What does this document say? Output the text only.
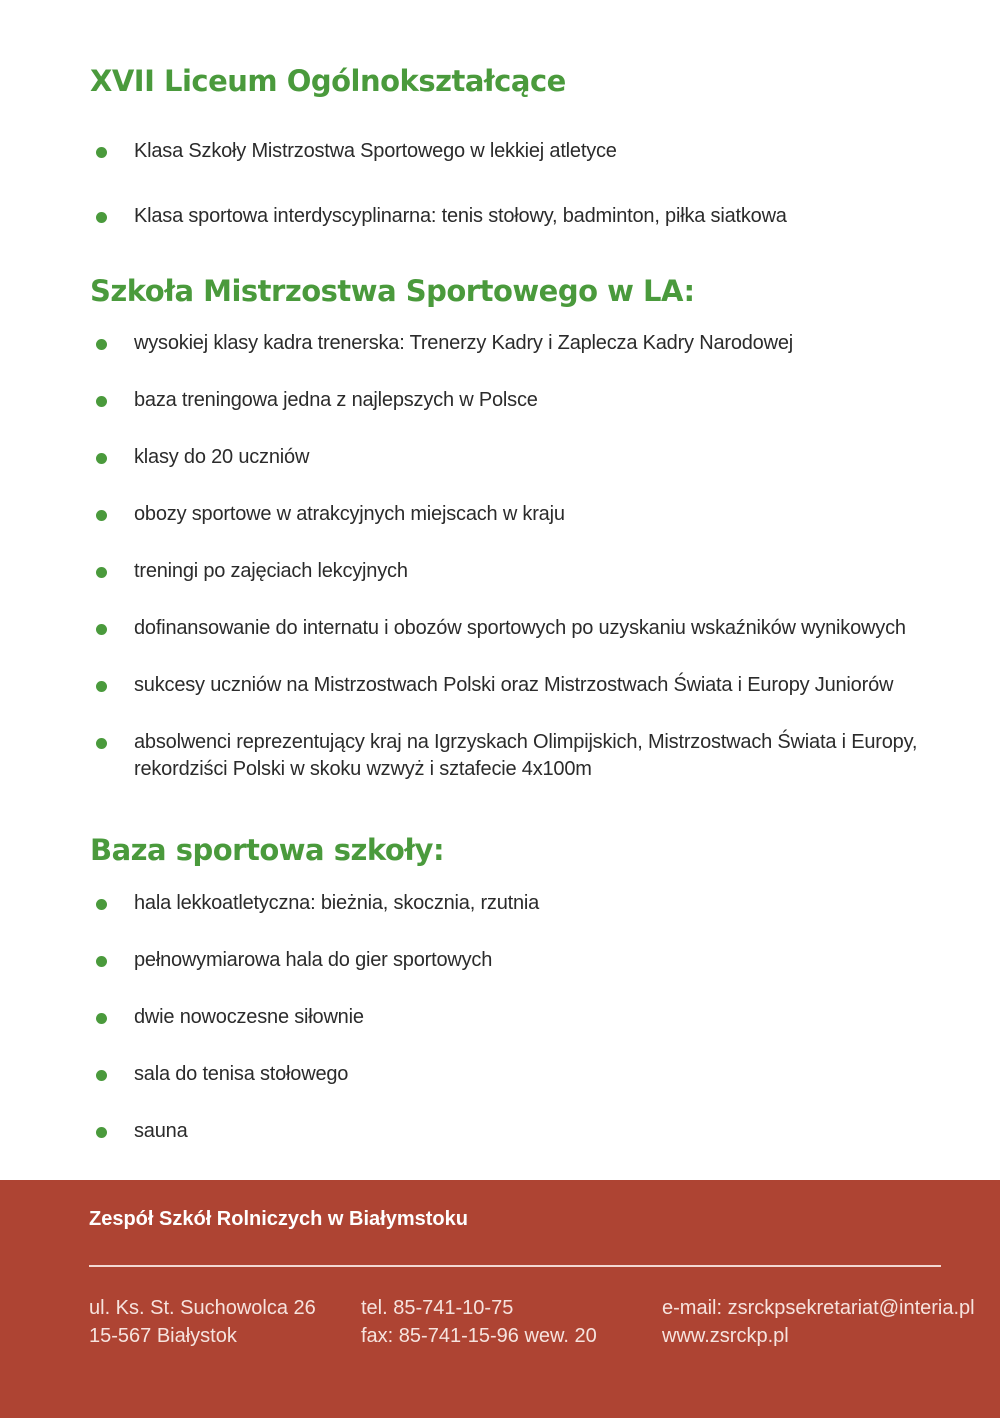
XVII Liceum Ogólnokształcące
Klasa Szkoły Mistrzostwa Sportowego w lekkiej atletyce
Klasa sportowa interdyscyplinarna: tenis stołowy, badminton, piłka siatkowa
Szkoła Mistrzostwa Sportowego w LA:
wysokiej klasy kadra trenerska: Trenerzy Kadry i Zaplecza Kadry Narodowej
baza treningowa jedna z najlepszych w Polsce
klasy do 20 uczniów
obozy sportowe w atrakcyjnych miejscach w kraju
treningi po zajęciach lekcyjnych
dofinansowanie do internatu i obozów sportowych po uzyskaniu wskaźników wynikowych
sukcesy uczniów na Mistrzostwach Polski oraz Mistrzostwach Świata i Europy Juniorów
absolwenci reprezentujący kraj na Igrzyskach Olimpijskich, Mistrzostwach Świata i Europy,
rekordziści Polski w skoku wzwyż i sztafecie 4x100m
Baza sportowa szkoły:
hala lekkoatletyczna: bieżnia, skocznia, rzutnia
pełnowymiarowa hala do gier sportowych
dwie nowoczesne siłownie
sala do tenisa stołowego
sauna
Zespół Szkół Rolniczych w Białymstoku
ul. Ks. St. Suchowolca 26
15-567 Białystok
tel. 85-741-10-75
fax: 85-741-15-96 wew. 20
e-mail: zsrckpsekretariat@interia.pl
www.zsrckp.pl
